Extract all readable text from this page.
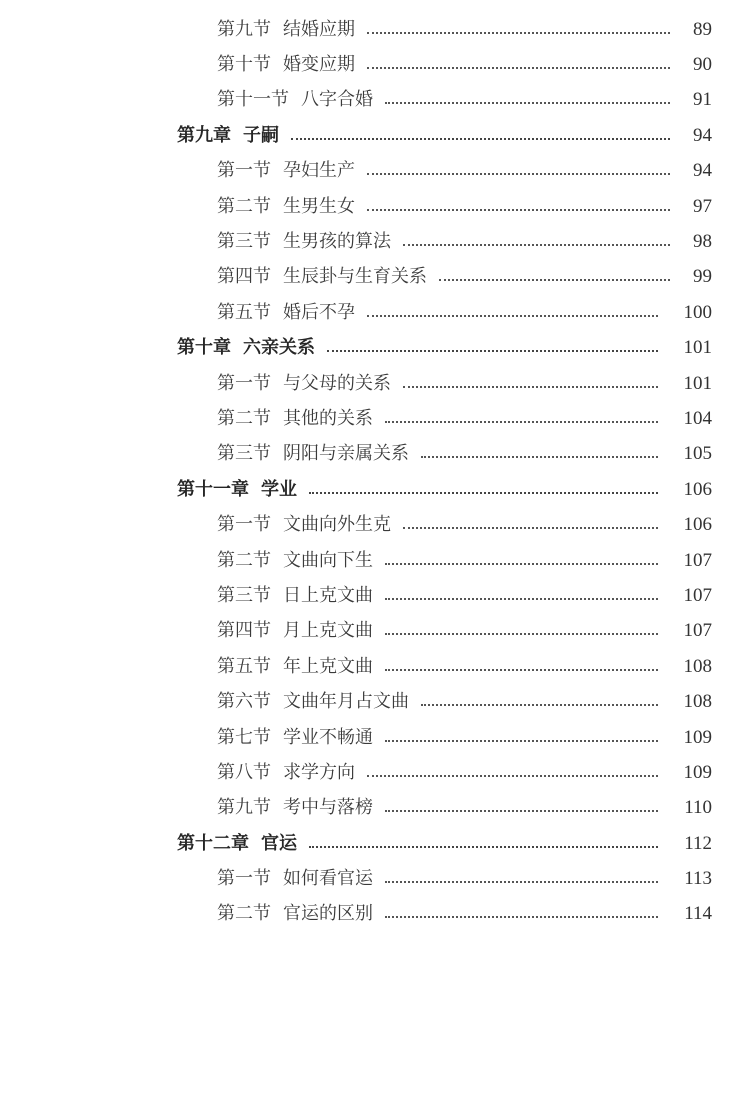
第九节 结婚应期	89
第十节 婚变应期	90
第十一节 八字合婚	91
第九章 子嗣	94
第一节 孕妇生产	94
第二节 生男生女	97
第三节 生男孩的算法	98
第四节 生辰卦与生育关系	99
第五节 婚后不孕	100
第十章 六亲关系	101
第一节 与父母的关系	101
第二节 其他的关系	104
第三节 阴阳与亲属关系	105
第十一章 学业	106
第一节 文曲向外生克	106
第二节 文曲向下生	107
第三节 日上克文曲	107
第四节 月上克文曲	107
第五节 年上克文曲	108
第六节 文曲年月占文曲	108
第七节 学业不畅通	109
第八节 求学方向	109
第九节 考中与落榜	110
第十二章 官运	112
第一节 如何看官运	113
第二节 官运的区别	114
